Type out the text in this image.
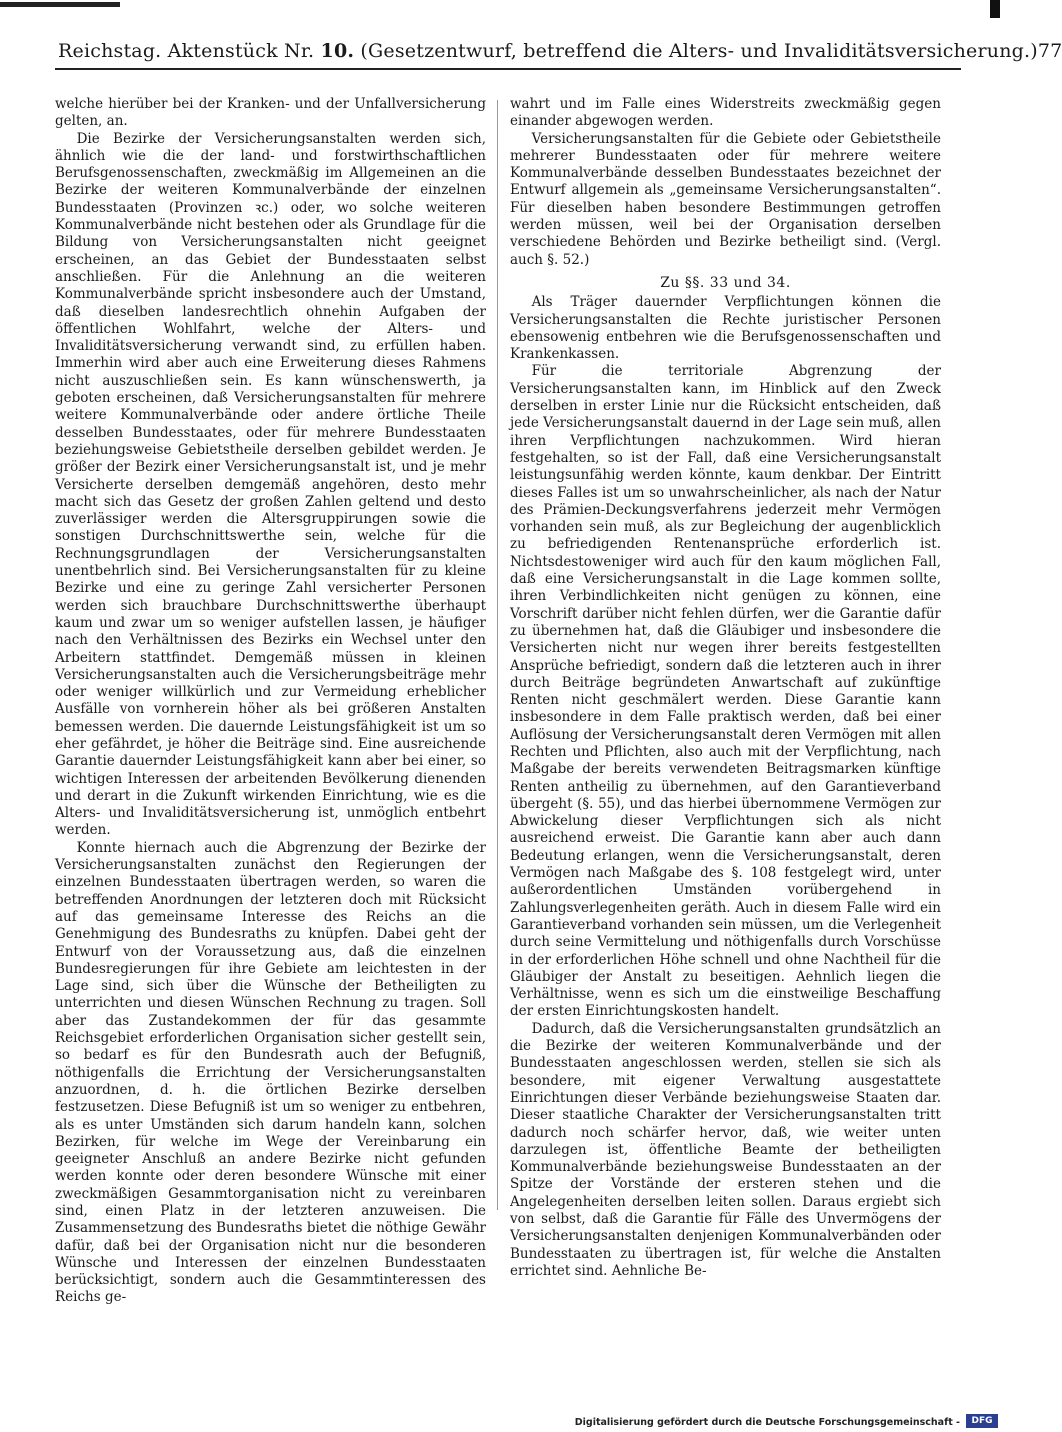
Reichstag. Aktenstück Nr. 10. (Gesetzentwurf, betreffend die Alters- und Invaliditätsversicherung.) 77

welche hierüber bei der Kranken- und der Unfallversicherung gelten, an.

Die Bezirke der Versicherungsanstalten werden sich, ähnlich wie die der land- und forstwirthschaftlichen Berufsgenossenschaften, zweckmäßig im Allgemeinen an die Bezirke der weiteren Kommunalverbände der einzelnen Bundesstaaten (Provinzen ꝛc.) oder, wo solche weiteren Kommunalverbände nicht bestehen oder als Grundlage für die Bildung von Versicherungsanstalten nicht geeignet erscheinen, an das Gebiet der Bundesstaaten selbst anschließen. Für die Anlehnung an die weiteren Kommunalverbände spricht insbesondere auch der Umstand, daß dieselben landesrechtlich ohnehin Aufgaben der öffentlichen Wohlfahrt, welche der Alters- und Invaliditätsversicherung verwandt sind, zu erfüllen haben. Immerhin wird aber auch eine Erweiterung dieses Rahmens nicht auszuschließen sein. Es kann wünschenswerth, ja geboten erscheinen, daß Versicherungsanstalten für mehrere weitere Kommunalverbände oder andere örtliche Theile desselben Bundesstaates, oder für mehrere Bundesstaaten beziehungsweise Gebietstheile derselben gebildet werden. Je größer der Bezirk einer Versicherungsanstalt ist, und je mehr Versicherte derselben demgemäß angehören, desto mehr macht sich das Gesetz der großen Zahlen geltend und desto zuverlässiger werden die Altersgruppirungen sowie die sonstigen Durchschnittswerthe sein, welche für die Rechnungsgrundlagen der Versicherungsanstalten unentbehrlich sind. Bei Versicherungsanstalten für zu kleine Bezirke und eine zu geringe Zahl versicherter Personen werden sich brauchbare Durchschnittswerthe überhaupt kaum und zwar um so weniger aufstellen lassen, je häufiger nach den Verhältnissen des Bezirks ein Wechsel unter den Arbeitern stattfindet. Demgemäß müssen in kleinen Versicherungsanstalten auch die Versicherungsbeiträge mehr oder weniger willkürlich und zur Vermeidung erheblicher Ausfälle von vornherein höher als bei größeren Anstalten bemessen werden. Die dauernde Leistungsfähigkeit ist um so eher gefährdet, je höher die Beiträge sind. Eine ausreichende Garantie dauernder Leistungsfähigkeit kann aber bei einer, so wichtigen Interessen der arbeitenden Bevölkerung dienenden und derart in die Zukunft wirkenden Einrichtung, wie es die Alters- und Invaliditätsversicherung ist, unmöglich entbehrt werden.

Konnte hiernach auch die Abgrenzung der Bezirke der Versicherungsanstalten zunächst den Regierungen der einzelnen Bundesstaaten übertragen werden, so waren die betreffenden Anordnungen der letzteren doch mit Rücksicht auf das gemeinsame Interesse des Reichs an die Genehmigung des Bundesraths zu knüpfen. Dabei geht der Entwurf von der Voraussetzung aus, daß die einzelnen Bundesregierungen für ihre Gebiete am leichtesten in der Lage sind, sich über die Wünsche der Betheiligten zu unterrichten und diesen Wünschen Rechnung zu tragen. Soll aber das Zustandekommen der für das gesammte Reichsgebiet erforderlichen Organisation sicher gestellt sein, so bedarf es für den Bundesrath auch der Befugniß, nöthigenfalls die Errichtung der Versicherungsanstalten anzuordnen, d. h. die örtlichen Bezirke derselben festzusetzen. Diese Befugniß ist um so weniger zu entbehren, als es unter Umständen sich darum handeln kann, solchen Bezirken, für welche im Wege der Vereinbarung ein geeigneter Anschluß an andere Bezirke nicht gefunden werden konnte oder deren besondere Wünsche mit einer zweckmäßigen Gesammtorganisation nicht zu vereinbaren sind, einen Platz in der letzteren anzuweisen. Die Zusammensetzung des Bundesraths bietet die nöthige Gewähr dafür, daß bei der Organisation nicht nur die besonderen Wünsche und Interessen der einzelnen Bundesstaaten berücksichtigt, sondern auch die Gesammtinteressen des Reichs ge-

wahrt und im Falle eines Widerstreits zweckmäßig gegen einander abgewogen werden.

Versicherungsanstalten für die Gebiete oder Gebietstheile mehrerer Bundesstaaten oder für mehrere weitere Kommunalverbände desselben Bundesstaates bezeichnet der Entwurf allgemein als „gemeinsame Versicherungsanstalten“. Für dieselben haben besondere Bestimmungen getroffen werden müssen, weil bei der Organisation derselben verschiedene Behörden und Bezirke betheiligt sind. (Vergl. auch §. 52.)

Zu §§. 33 und 34.

Als Träger dauernder Verpflichtungen können die Versicherungsanstalten die Rechte juristischer Personen ebensowenig entbehren wie die Berufsgenossenschaften und Krankenkassen.

Für die territoriale Abgrenzung der Versicherungsanstalten kann, im Hinblick auf den Zweck derselben in erster Linie nur die Rücksicht entscheiden, daß jede Versicherungsanstalt dauernd in der Lage sein muß, allen ihren Verpflichtungen nachzukommen. Wird hieran festgehalten, so ist der Fall, daß eine Versicherungsanstalt leistungsunfähig werden könnte, kaum denkbar. Der Eintritt dieses Falles ist um so unwahrscheinlicher, als nach der Natur des Prämien-Deckungsverfahrens jederzeit mehr Vermögen vorhanden sein muß, als zur Begleichung der augenblicklich zu befriedigenden Rentenansprüche erforderlich ist. Nichtsdestoweniger wird auch für den kaum möglichen Fall, daß eine Versicherungsanstalt in die Lage kommen sollte, ihren Verbindlichkeiten nicht genügen zu können, eine Vorschrift darüber nicht fehlen dürfen, wer die Garantie dafür zu übernehmen hat, daß die Gläubiger und insbesondere die Versicherten nicht nur wegen ihrer bereits festgestellten Ansprüche befriedigt, sondern daß die letzteren auch in ihrer durch Beiträge begründeten Anwartschaft auf zukünftige Renten nicht geschmälert werden. Diese Garantie kann insbesondere in dem Falle praktisch werden, daß bei einer Auflösung der Versicherungsanstalt deren Vermögen mit allen Rechten und Pflichten, also auch mit der Verpflichtung, nach Maßgabe der bereits verwendeten Beitragsmarken künftige Renten antheilig zu übernehmen, auf den Garantieverband übergeht (§. 55), und das hierbei übernommene Vermögen zur Abwickelung dieser Verpflichtungen sich als nicht ausreichend erweist. Die Garantie kann aber auch dann Bedeutung erlangen, wenn die Versicherungsanstalt, deren Vermögen nach Maßgabe des §. 108 festgelegt wird, unter außerordentlichen Umständen vorübergehend in Zahlungsverlegenheiten geräth. Auch in diesem Falle wird ein Garantieverband vorhanden sein müssen, um die Verlegenheit durch seine Vermittelung und nöthigenfalls durch Vorschüsse in der erforderlichen Höhe schnell und ohne Nachtheil für die Gläubiger der Anstalt zu beseitigen. Aehnlich liegen die Verhältnisse, wenn es sich um die einstweilige Beschaffung der ersten Einrichtungskosten handelt.

Dadurch, daß die Versicherungsanstalten grundsätzlich an die Bezirke der weiteren Kommunalverbände und der Bundesstaaten angeschlossen werden, stellen sie sich als besondere, mit eigener Verwaltung ausgestattete Einrichtungen dieser Verbände beziehungsweise Staaten dar. Dieser staatliche Charakter der Versicherungsanstalten tritt dadurch noch schärfer hervor, daß, wie weiter unten darzulegen ist, öffentliche Beamte der betheiligten Kommunalverbände beziehungsweise Bundesstaaten an der Spitze der Vorstände der ersteren stehen und die Angelegenheiten derselben leiten sollen. Daraus ergiebt sich von selbst, daß die Garantie für Fälle des Unvermögens der Versicherungsanstalten denjenigen Kommunalverbänden oder Bundesstaaten zu übertragen ist, für welche die Anstalten errichtet sind. Aehnliche Be-

Digitalisierung gefördert durch die Deutsche Forschungsgemeinschaft -	DFG
